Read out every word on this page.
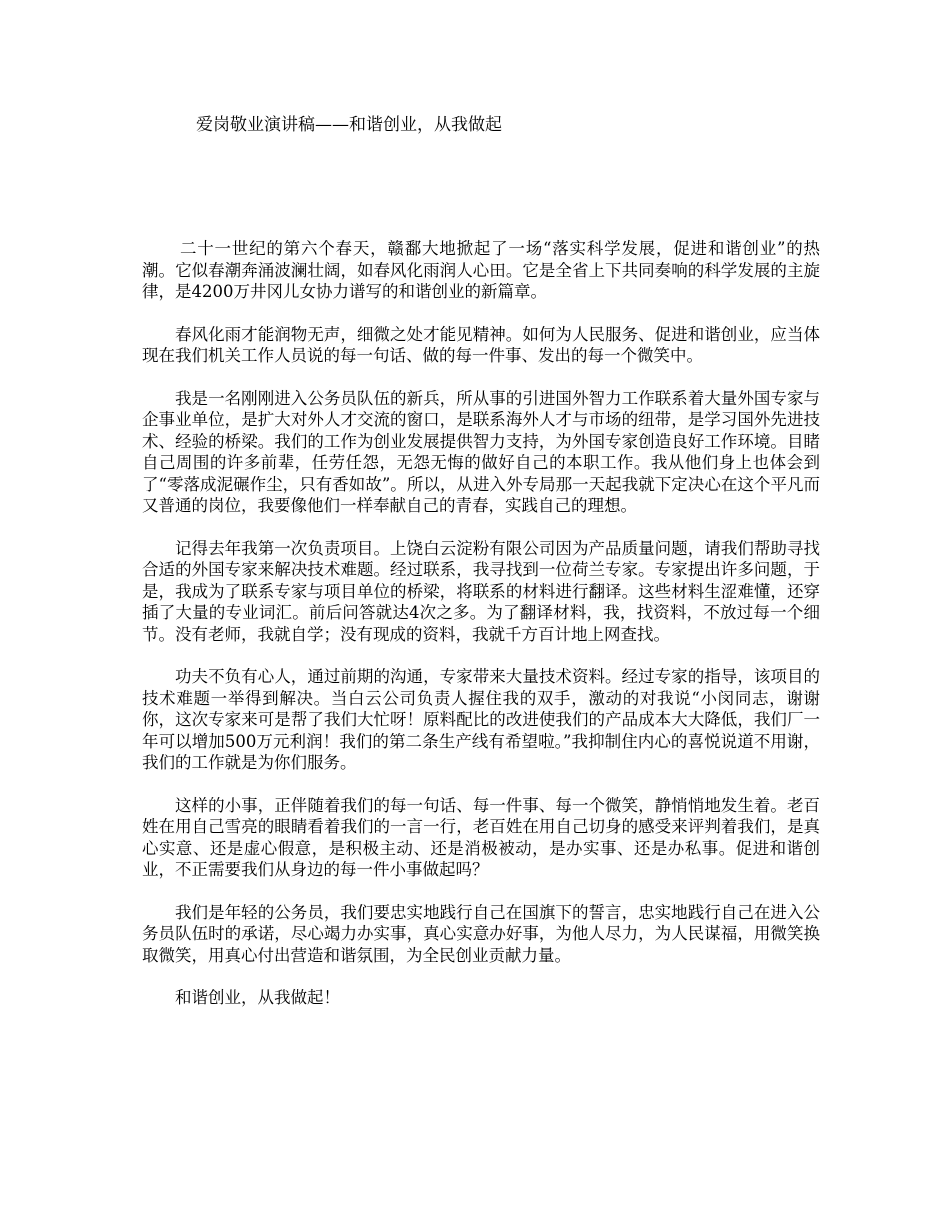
爱岗敬业演讲稿——和谐创业，从我做起

二十一世纪的第六个春天，赣鄱大地掀起了一场“落实科学发展，促进和谐创业”的热潮。它似春潮奔涌波澜壮阔，如春风化雨润人心田。它是全省上下共同奏响的科学发展的主旋律，是4200万井冈儿女协力谱写的和谐创业的新篇章。

春风化雨才能润物无声，细微之处才能见精神。如何为人民服务、促进和谐创业，应当体现在我们机关工作人员说的每一句话、做的每一件事、发出的每一个微笑中。

我是一名刚刚进入公务员队伍的新兵，所从事的引进国外智力工作联系着大量外国专家与企事业单位，是扩大对外人才交流的窗口，是联系海外人才与市场的纽带，是学习国外先进技术、经验的桥梁。我们的工作为创业发展提供智力支持，为外国专家创造良好工作环境。目睹自己周围的许多前辈，任劳任怨，无怨无悔的做好自己的本职工作。我从他们身上也体会到了“零落成泥碾作尘，只有香如故”。所以，从进入外专局那一天起我就下定决心在这个平凡而又普通的岗位，我要像他们一样奉献自己的青春，实践自己的理想。

记得去年我第一次负责项目。上饶白云淀粉有限公司因为产品质量问题，请我们帮助寻找合适的外国专家来解决技术难题。经过联系，我寻找到一位荷兰专家。专家提出许多问题，于是，我成为了联系专家与项目单位的桥梁，将联系的材料进行翻译。这些材料生涩难懂，还穿插了大量的专业词汇。前后问答就达4次之多。为了翻译材料，我，找资料，不放过每一个细节。没有老师，我就自学；没有现成的资料，我就千方百计地上网查找。

功夫不负有心人，通过前期的沟通，专家带来大量技术资料。经过专家的指导，该项目的技术难题一举得到解决。当白云公司负责人握住我的双手，激动的对我说“小闵同志，谢谢你，这次专家来可是帮了我们大忙呀！原料配比的改进使我们的产品成本大大降低，我们厂一年可以增加500万元利润！我们的第二条生产线有希望啦。”我抑制住内心的喜悦说道不用谢，我们的工作就是为你们服务。

这样的小事，正伴随着我们的每一句话、每一件事、每一个微笑，静悄悄地发生着。老百姓在用自己雪亮的眼睛看着我们的一言一行，老百姓在用自己切身的感受来评判着我们，是真心实意、还是虚心假意，是积极主动、还是消极被动，是办实事、还是办私事。促进和谐创业，不正需要我们从身边的每一件小事做起吗？

我们是年轻的公务员，我们要忠实地践行自己在国旗下的誓言，忠实地践行自己在进入公务员队伍时的承诺，尽心竭力办实事，真心实意办好事，为他人尽力，为人民谋福，用微笑换取微笑，用真心付出营造和谐氛围，为全民创业贡献力量。

和谐创业，从我做起！
